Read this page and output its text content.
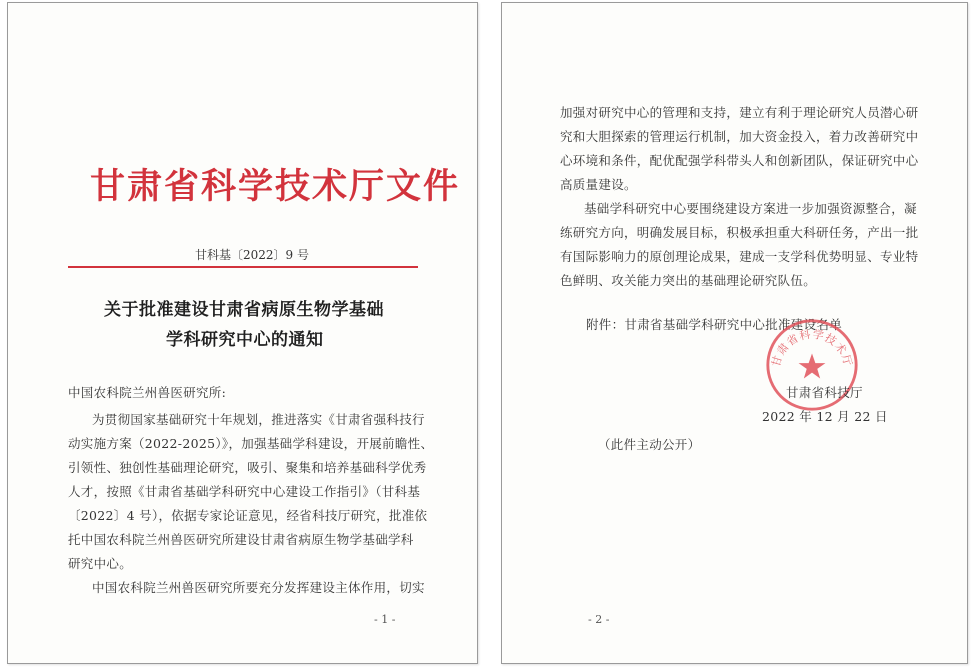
甘肃省科学技术厅文件
甘科基〔2022〕9 号
关于批准建设甘肃省病原生物学基础
学科研究中心的通知
中国农科院兰州兽医研究所:
为贯彻国家基础研究十年规划，推进落实《甘肃省强科技行
动实施方案（2022-2025）》，加强基础学科建设，开展前瞻性、
引领性、独创性基础理论研究，吸引、聚集和培养基础科学优秀
人才，按照《甘肃省基础学科研究中心建设工作指引》（甘科基
〔2022〕4 号），依据专家论证意见，经省科技厅研究，批准依
托中国农科院兰州兽医研究所建设甘肃省病原生物学基础学科
研究中心。
中国农科院兰州兽医研究所要充分发挥建设主体作用，切实
- 1 -
加强对研究中心的管理和支持，建立有利于理论研究人员潜心研
究和大胆探索的管理运行机制，加大资金投入，着力改善研究中
心环境和条件，配优配强学科带头人和创新团队，保证研究中心
高质量建设。
基础学科研究中心要围绕建设方案进一步加强资源整合，凝
练研究方向，明确发展目标，积极承担重大科研任务，产出一批
有国际影响力的原创理论成果，建成一支学科优势明显、专业特
色鲜明、攻关能力突出的基础理论研究队伍。
附件：甘肃省基础学科研究中心批准建设名单
甘肃省科学技术厅
甘肃省科技厅
2022 年 12 月 22 日
（此件主动公开）
- 2 -
